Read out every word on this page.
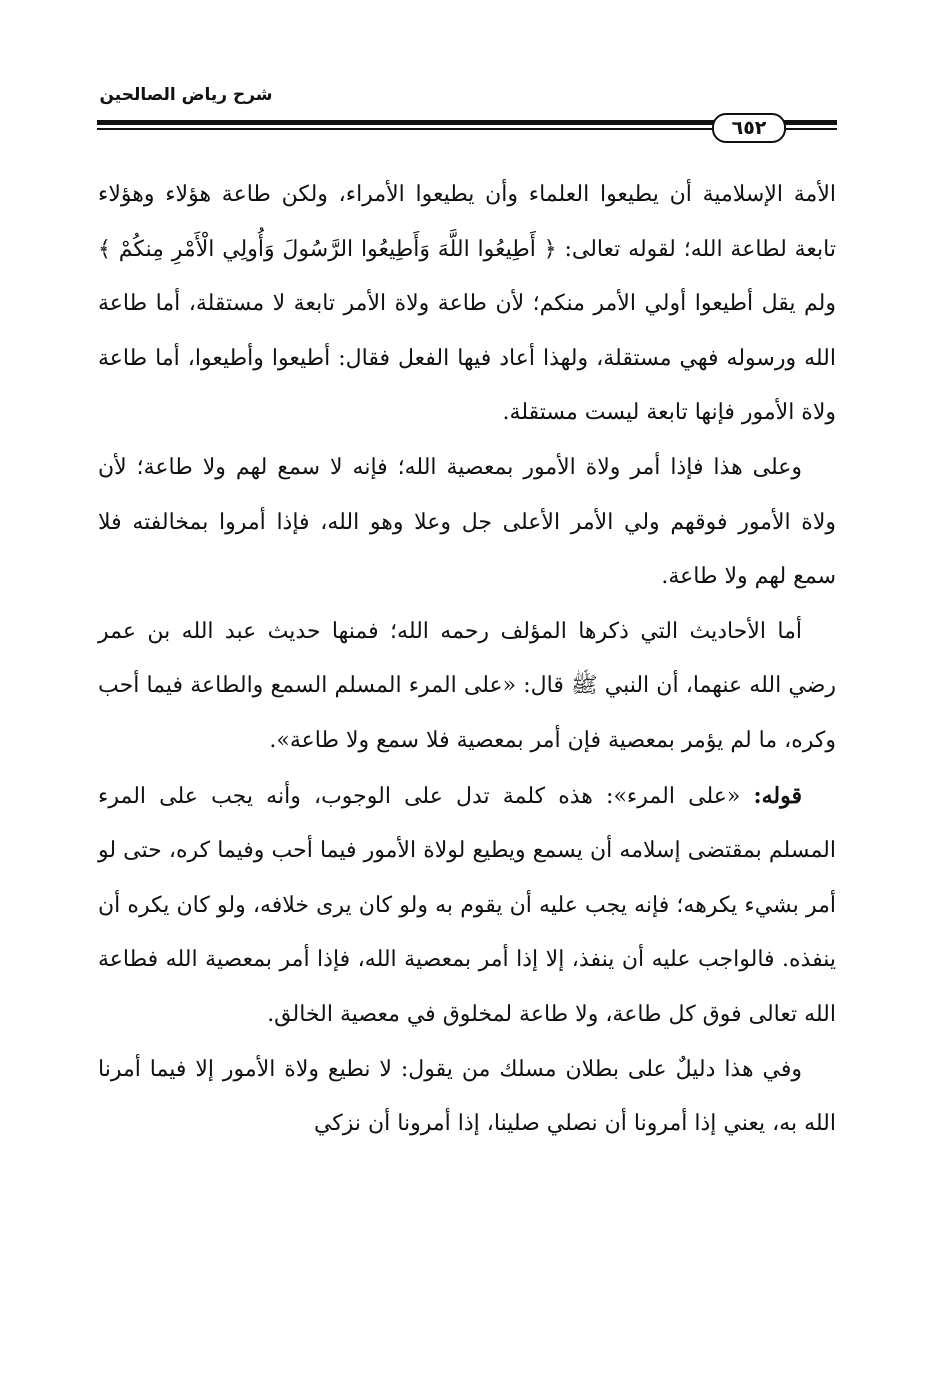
شرح رياض الصالحين
٦٥٢

الأمة الإسلامية أن يطيعوا العلماء وأن يطيعوا الأمراء، ولكن طاعة هؤلاء وهؤلاء تابعة لطاعة الله؛ لقوله تعالى: ﴿ أَطِيعُوا اللَّهَ وَأَطِيعُوا الرَّسُولَ وَأُولِي الْأَمْرِ مِنكُمْ ﴾ ولم يقل أطيعوا أولي الأمر منكم؛ لأن طاعة ولاة الأمر تابعة لا مستقلة، أما طاعة الله ورسوله فهي مستقلة، ولهذا أعاد فيها الفعل فقال: أطيعوا وأطيعوا، أما طاعة ولاة الأمور فإنها تابعة ليست مستقلة.

وعلى هذا فإذا أمر ولاة الأمور بمعصية الله؛ فإنه لا سمع لهم ولا طاعة؛ لأن ولاة الأمور فوقهم ولي الأمر الأعلى جل وعلا وهو الله، فإذا أمروا بمخالفته فلا سمع لهم ولا طاعة.

أما الأحاديث التي ذكرها المؤلف رحمه الله؛ فمنها حديث عبد الله بن عمر رضي الله عنهما، أن النبي ﷺ قال: «على المرء المسلم السمع والطاعة فيما أحب وكره، ما لم يؤمر بمعصية فإن أمر بمعصية فلا سمع ولا طاعة».

قوله: «على المرء»: هذه كلمة تدل على الوجوب، وأنه يجب على المرء المسلم بمقتضى إسلامه أن يسمع ويطيع لولاة الأمور فيما أحب وفيما كره، حتى لو أمر بشيء يكرهه؛ فإنه يجب عليه أن يقوم به ولو كان يرى خلافه، ولو كان يكره أن ينفذه. فالواجب عليه أن ينفذ، إلا إذا أمر بمعصية الله، فإذا أمر بمعصية الله فطاعة الله تعالى فوق كل طاعة، ولا طاعة لمخلوق في معصية الخالق.

وفي هذا دليلٌ على بطلان مسلك من يقول: لا نطيع ولاة الأمور إلا فيما أمرنا الله به، يعني إذا أمرونا أن نصلي صلينا، إذا أمرونا أن نزكي
